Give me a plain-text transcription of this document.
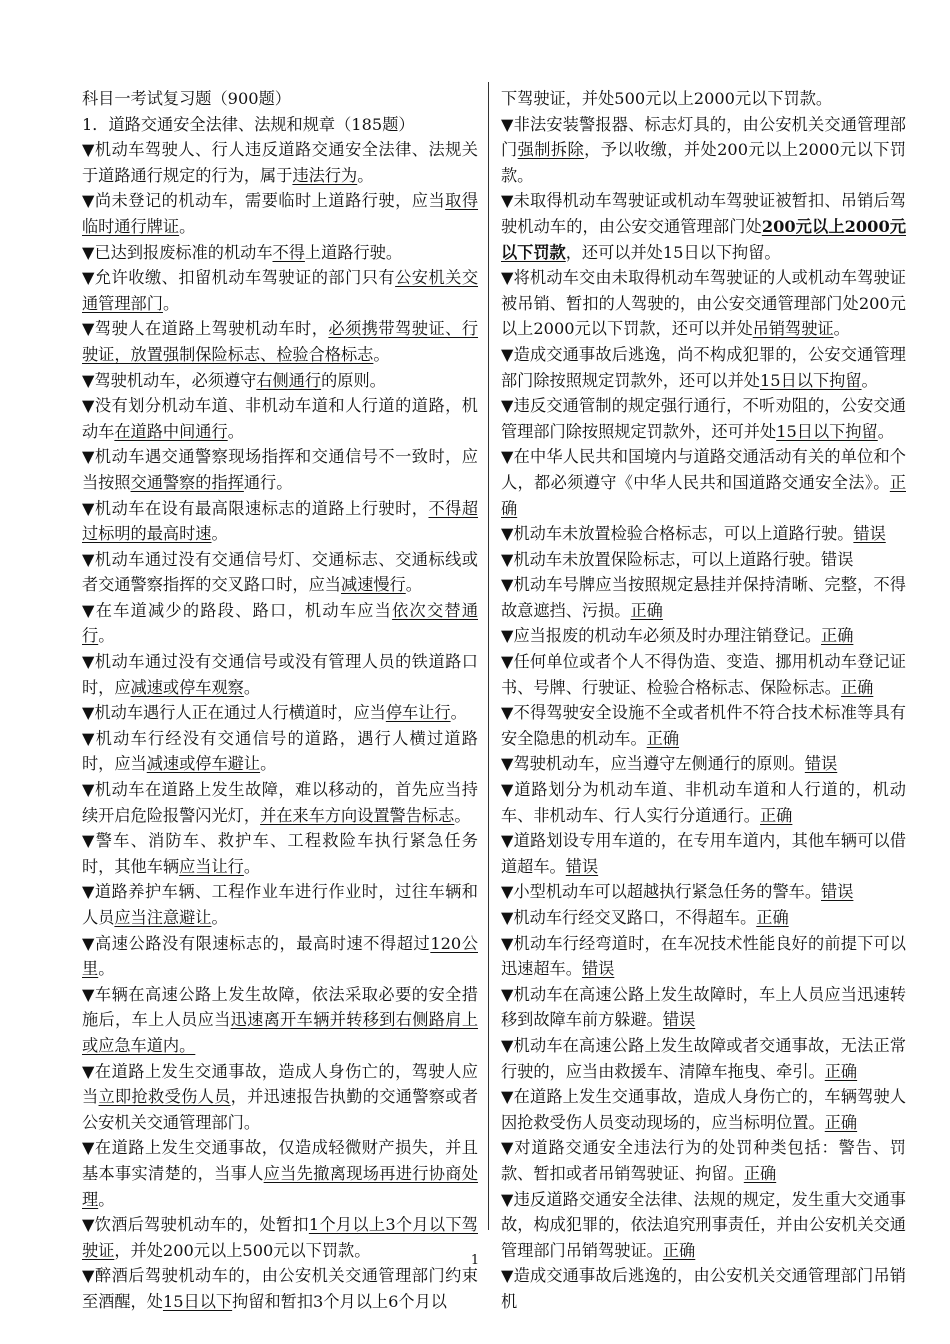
科目一考试复习题（900题）

1．道路交通安全法律、法规和规章（185题）

▼机动车驾驶人、行人违反道路交通安全法律、法规关于道路通行规定的行为，属于违法行为。

▼尚未登记的机动车，需要临时上道路行驶，应当取得临时通行牌证。

▼已达到报废标准的机动车不得上道路行驶。

▼允许收缴、扣留机动车驾驶证的部门只有公安机关交通管理部门。

▼驾驶人在道路上驾驶机动车时，必须携带驾驶证、行驶证，放置强制保险标志、检验合格标志。

▼驾驶机动车，必须遵守右侧通行的原则。

▼没有划分机动车道、非机动车道和人行道的道路，机动车在道路中间通行。

▼机动车遇交通警察现场指挥和交通信号不一致时，应当按照交通警察的指挥通行。

▼机动车在设有最高限速标志的道路上行驶时，不得超过标明的最高时速。

▼机动车通过没有交通信号灯、交通标志、交通标线或者交通警察指挥的交叉路口时，应当减速慢行。

▼在车道减少的路段、路口，机动车应当依次交替通行。

▼机动车通过没有交通信号或没有管理人员的铁道路口时，应减速或停车观察。

▼机动车遇行人正在通过人行横道时，应当停车让行。

▼机动车行经没有交通信号的道路，遇行人横过道路时，应当减速或停车避让。

▼机动车在道路上发生故障，难以移动的，首先应当持续开启危险报警闪光灯，并在来车方向设置警告标志。

▼警车、消防车、救护车、工程救险车执行紧急任务时，其他车辆应当让行。

▼道路养护车辆、工程作业车进行作业时，过往车辆和人员应当注意避让。

▼高速公路没有限速标志的，最高时速不得超过120公里。

▼车辆在高速公路上发生故障，依法采取必要的安全措施后，车上人员应当迅速离开车辆并转移到右侧路肩上或应急车道内。

▼在道路上发生交通事故，造成人身伤亡的，驾驶人应当立即抢救受伤人员，并迅速报告执勤的交通警察或者公安机关交通管理部门。

▼在道路上发生交通事故，仅造成轻微财产损失，并且基本事实清楚的，当事人应当先撤离现场再进行协商处理。

▼饮酒后驾驶机动车的，处暂扣1个月以上3个月以下驾驶证，并处200元以上500元以下罚款。

▼醉酒后驾驶机动车的，由公安机关交通管理部门约束至酒醒，处15日以下拘留和暂扣3个月以上6个月以

下驾驶证，并处500元以上2000元以下罚款。

▼非法安装警报器、标志灯具的，由公安机关交通管理部门强制拆除，予以收缴，并处200元以上2000元以下罚款。

▼未取得机动车驾驶证或机动车驾驶证被暂扣、吊销后驾驶机动车的，由公安交通管理部门处200元以上2000元以下罚款，还可以并处15日以下拘留。

▼将机动车交由未取得机动车驾驶证的人或机动车驾驶证被吊销、暂扣的人驾驶的，由公安交通管理部门处200元以上2000元以下罚款，还可以并处吊销驾驶证。

▼造成交通事故后逃逸，尚不构成犯罪的，公安交通管理部门除按照规定罚款外，还可以并处15日以下拘留。

▼违反交通管制的规定强行通行，不听劝阻的，公安交通管理部门除按照规定罚款外，还可并处15日以下拘留。

▼在中华人民共和国境内与道路交通活动有关的单位和个人，都必须遵守《中华人民共和国道路交通安全法》。正确

▼机动车未放置检验合格标志，可以上道路行驶。错误

▼机动车未放置保险标志，可以上道路行驶。错误

▼机动车号牌应当按照规定悬挂并保持清晰、完整，不得故意遮挡、污损。正确

▼应当报废的机动车必须及时办理注销登记。正确

▼任何单位或者个人不得伪造、变造、挪用机动车登记证书、号牌、行驶证、检验合格标志、保险标志。正确

▼不得驾驶安全设施不全或者机件不符合技术标准等具有安全隐患的机动车。正确

▼驾驶机动车，应当遵守左侧通行的原则。错误

▼道路划分为机动车道、非机动车道和人行道的，机动车、非机动车、行人实行分道通行。正确

▼道路划设专用车道的，在专用车道内，其他车辆可以借道超车。错误

▼小型机动车可以超越执行紧急任务的警车。错误

▼机动车行经交叉路口，不得超车。正确

▼机动车行经弯道时，在车况技术性能良好的前提下可以迅速超车。错误

▼机动车在高速公路上发生故障时，车上人员应当迅速转移到故障车前方躲避。错误

▼机动车在高速公路上发生故障或者交通事故，无法正常行驶的，应当由救援车、清障车拖曳、牵引。正确

▼在道路上发生交通事故，造成人身伤亡的，车辆驾驶人因抢救受伤人员变动现场的，应当标明位置。正确

▼对道路交通安全违法行为的处罚种类包括：警告、罚款、暂扣或者吊销驾驶证、拘留。正确

▼违反道路交通安全法律、法规的规定，发生重大交通事故，构成犯罪的，依法追究刑事责任，并由公安机关交通管理部门吊销驾驶证。正确

▼造成交通事故后逃逸的，由公安机关交通管理部门吊销机

1
